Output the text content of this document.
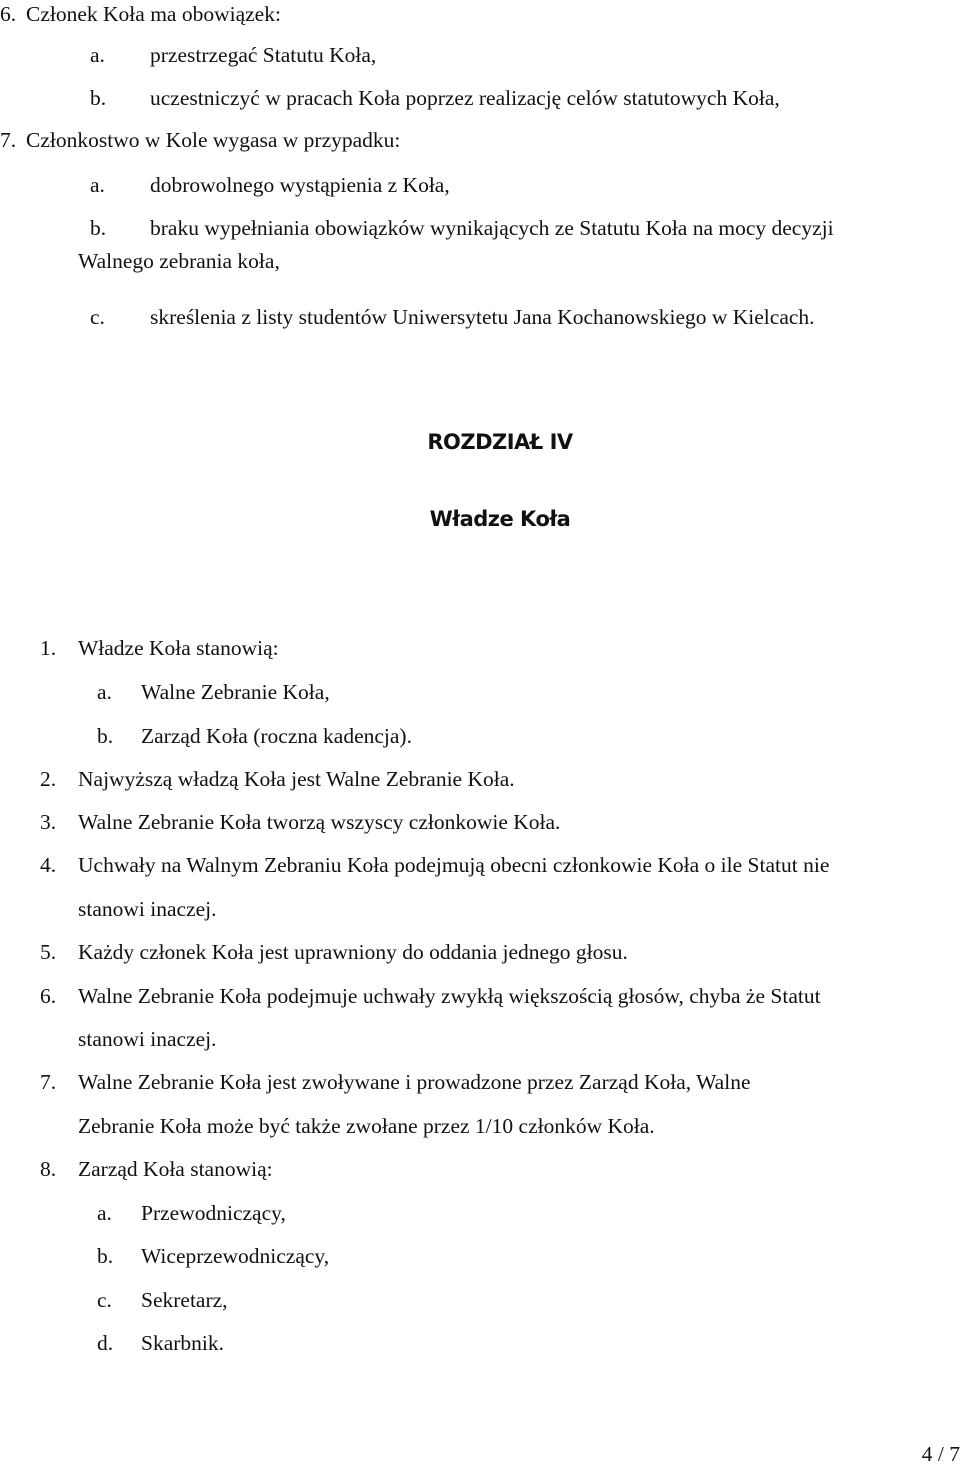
6. Członek Koła ma obowiązek:
a. przestrzegać Statutu Koła,
b. uczestniczyć w pracach Koła poprzez realizację celów statutowych Koła,
7. Członkostwo w Kole wygasa w przypadku:
a. dobrowolnego wystąpienia z Koła,
b. braku wypełniania obowiązków wynikających ze Statutu Koła na mocy decyzji
Walnego zebrania koła,
c. skreślenia z listy studentów Uniwersytetu Jana Kochanowskiego w Kielcach.
ROZDZIAŁ IV
Władze Koła
1. Władze Koła stanowią:
a. Walne Zebranie Koła,
b. Zarząd Koła (roczna kadencja).
2. Najwyższą władzą Koła jest Walne Zebranie Koła.
3. Walne Zebranie Koła tworzą wszyscy członkowie Koła.
4. Uchwały na Walnym Zebraniu Koła podejmują obecni członkowie Koła o ile Statut nie
stanowi inaczej.
5. Każdy członek Koła jest uprawniony do oddania jednego głosu.
6. Walne Zebranie Koła podejmuje uchwały zwykłą większością głosów, chyba że Statut
stanowi inaczej.
7. Walne Zebranie Koła jest zwoływane i prowadzone przez Zarząd Koła, Walne
Zebranie Koła może być także zwołane przez 1/10 członków Koła.
8. Zarząd Koła stanowią:
a. Przewodniczący,
b. Wiceprzewodniczący,
c. Sekretarz,
d. Skarbnik.
4 / 7
